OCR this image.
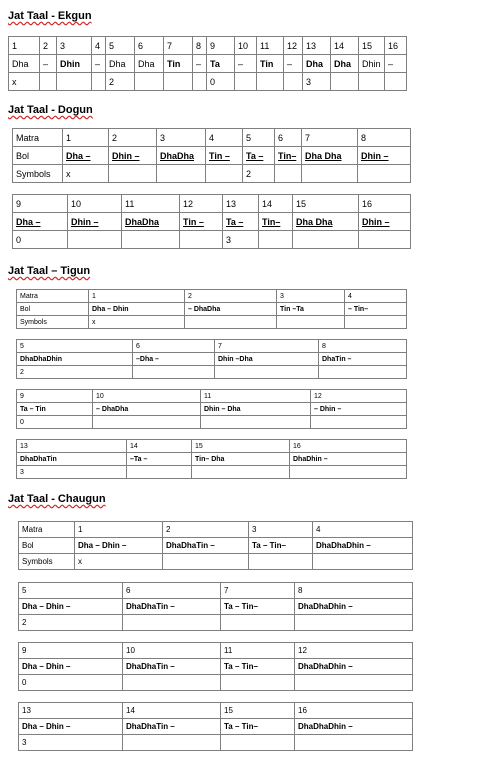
Jat Taal - Ekgun
1	2	3	4	5	6	7	8	9	10	11	12	13	14	15	16
Dha	–	Dhin	–	Dha	Dha	Tin	–	Ta	–	Tin	–	Dha	Dha	Dhin	–
x				2				0				3			
Jat Taal - Dogun
Matra	1	2	3	4	5	6	7	8
Bol	Dha –	Dhin –	DhaDha	Tin –	Ta –	Tin–	Dha Dha	Dhin –
Symbols	x				2			
9	10	11	12	13	14	15	16
Dha –	Dhin –	DhaDha	Tin –	Ta –	Tin–	Dha Dha	Dhin –
0				3			
Jat Taal – Tigun
Matra	1	2	3	4
Bol	Dha – Dhin	– DhaDha	Tin –Ta	– Tin–
Symbols	x			
5	6	7	8
DhaDhaDhin	–Dha –	Dhin –Dha	DhaTin –
2			
9	10	11	12
Ta – Tin	– DhaDha	Dhin – Dha	– Dhin –
0			
13	14	15	16
DhaDhaTin	–Ta –	Tin– Dha	DhaDhin –
3			
Jat Taal - Chaugun
Matra	1	2	3	4
Bol	Dha – Dhin –	DhaDhaTin –	Ta – Tin–	DhaDhaDhin –
Symbols	x			
5	6	7	8
Dha – Dhin –	DhaDhaTin –	Ta – Tin–	DhaDhaDhin –
2			
9	10	11	12
Dha – Dhin –	DhaDhaTin –	Ta – Tin–	DhaDhaDhin –
0			
13	14	15	16
Dha – Dhin –	DhaDhaTin –	Ta – Tin–	DhaDhaDhin –
3			
